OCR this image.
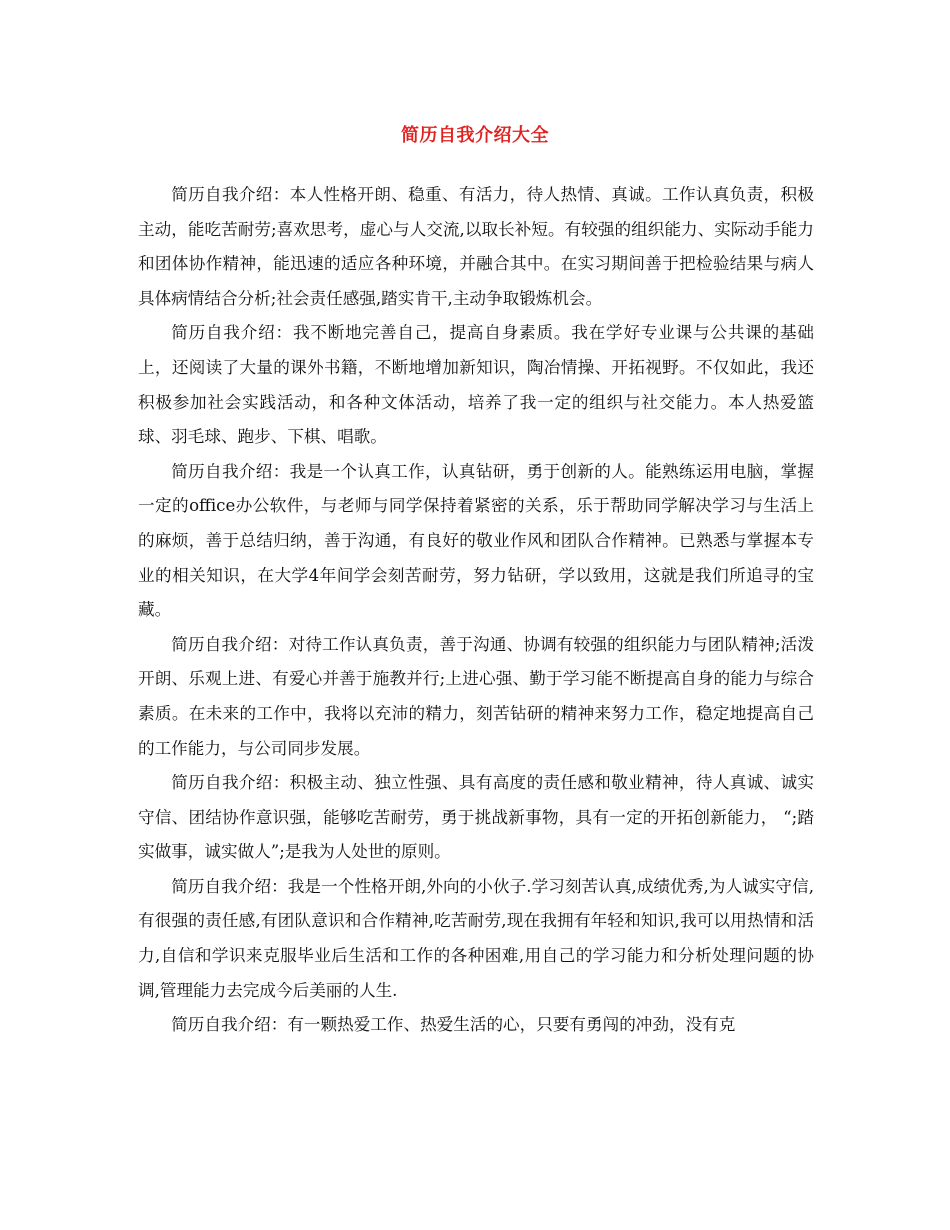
简历自我介绍大全

简历自我介绍：本人性格开朗、稳重、有活力，待人热情、真诚。工作认真负责，积极主动，能吃苦耐劳;喜欢思考，虚心与人交流,以取长补短。有较强的组织能力、实际动手能力和团体协作精神，能迅速的适应各种环境，并融合其中。在实习期间善于把检验结果与病人具体病情结合分析;社会责任感强,踏实肯干,主动争取锻炼机会。

简历自我介绍：我不断地完善自己，提高自身素质。我在学好专业课与公共课的基础上，还阅读了大量的课外书籍，不断地增加新知识，陶冶情操、开拓视野。不仅如此，我还积极参加社会实践活动，和各种文体活动，培养了我一定的组织与社交能力。本人热爱篮球、羽毛球、跑步、下棋、唱歌。

简历自我介绍：我是一个认真工作，认真钻研，勇于创新的人。能熟练运用电脑，掌握一定的office办公软件，与老师与同学保持着紧密的关系，乐于帮助同学解决学习与生活上的麻烦，善于总结归纳，善于沟通，有良好的敬业作风和团队合作精神。已熟悉与掌握本专业的相关知识，在大学4年间学会刻苦耐劳，努力钻研，学以致用，这就是我们所追寻的宝藏。

简历自我介绍：对待工作认真负责，善于沟通、协调有较强的组织能力与团队精神;活泼开朗、乐观上进、有爱心并善于施教并行;上进心强、勤于学习能不断提高自身的能力与综合素质。在未来的工作中，我将以充沛的精力，刻苦钻研的精神来努力工作，稳定地提高自己的工作能力，与公司同步发展。

简历自我介绍：积极主动、独立性强、具有高度的责任感和敬业精神，待人真诚、诚实守信、团结协作意识强，能够吃苦耐劳，勇于挑战新事物，具有一定的开拓创新能力， “;踏实做事，诚实做人”;是我为人处世的原则。

简历自我介绍：我是一个性格开朗,外向的小伙子.学习刻苦认真,成绩优秀,为人诚实守信,有很强的责任感,有团队意识和合作精神,吃苦耐劳,现在我拥有年轻和知识,我可以用热情和活力,自信和学识来克服毕业后生活和工作的各种困难,用自己的学习能力和分析处理问题的协调,管理能力去完成今后美丽的人生.

简历自我介绍：有一颗热爱工作、热爱生活的心，只要有勇闯的冲劲，没有克
